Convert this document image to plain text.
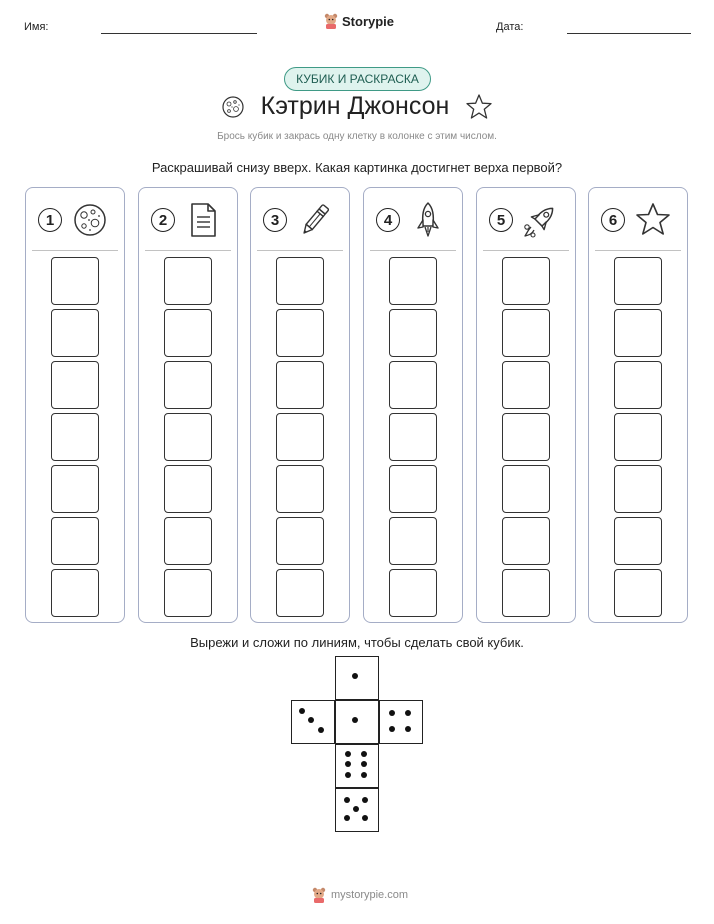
Имя:	Storypie	Дата:
КУБИК И РАСКРАСКА
Кэтрин Джонсон
Брось кубик и закрась одну клетку в колонке с этим числом.
Раскрашивай снизу вверх. Какая картинка достигнет верха первой?
1	2	3	4	5	6
Вырежи и сложи по линиям, чтобы сделать свой кубик.
mystorypie.com
